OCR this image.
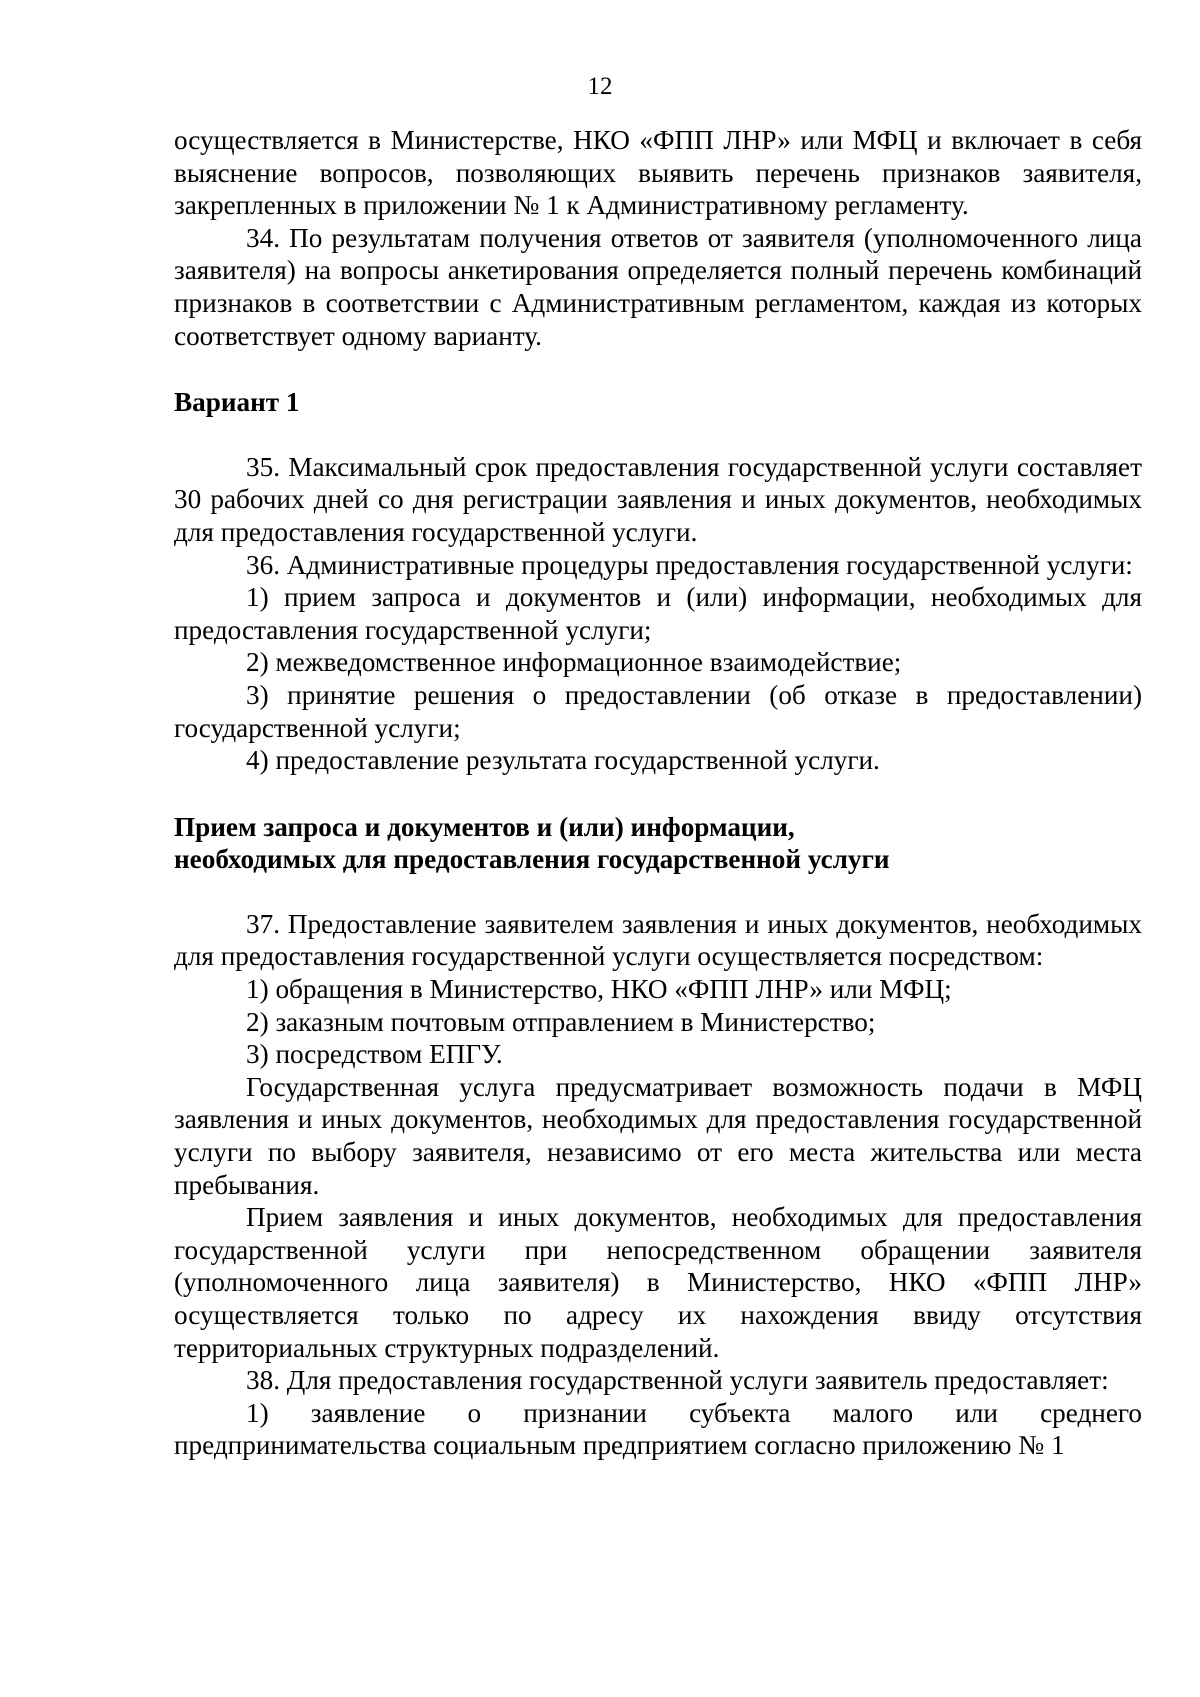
12

осуществляется в Министерстве, НКО «ФПП ЛНР» или МФЦ и включает в себя выяснение вопросов, позволяющих выявить перечень признаков заявителя, закрепленных в приложении № 1 к Административному регламенту.

34. По результатам получения ответов от заявителя (уполномоченного лица заявителя) на вопросы анкетирования определяется полный перечень комбинаций признаков в соответствии с Административным регламентом, каждая из которых соответствует одному варианту.

Вариант 1

35. Максимальный срок предоставления государственной услуги составляет 30 рабочих дней со дня регистрации заявления и иных документов, необходимых для предоставления государственной услуги.

36. Административные процедуры предоставления государственной услуги:

1) прием запроса и документов и (или) информации, необходимых для предоставления государственной услуги;

2) межведомственное информационное взаимодействие;

3) принятие решения о предоставлении (об отказе в предоставлении) государственной услуги;

4) предоставление результата государственной услуги.

Прием запроса и документов и (или) информации,

необходимых для предоставления государственной услуги

37. Предоставление заявителем заявления и иных документов, необходимых для предоставления государственной услуги осуществляется посредством:

1) обращения в Министерство, НКО «ФПП ЛНР» или МФЦ;

2) заказным почтовым отправлением в Министерство;

3) посредством ЕПГУ.

Государственная услуга предусматривает возможность подачи в МФЦ заявления и иных документов, необходимых для предоставления государственной услуги по выбору заявителя, независимо от его места жительства или места пребывания.

Прием заявления и иных документов, необходимых для предоставления государственной услуги при непосредственном обращении заявителя (уполномоченного лица заявителя) в Министерство, НКО «ФПП ЛНР» осуществляется только по адресу их нахождения ввиду отсутствия территориальных структурных подразделений.

38. Для предоставления государственной услуги заявитель предоставляет:

1) заявление о признании субъекта малого или среднего предпринимательства социальным предприятием согласно приложению № 1
